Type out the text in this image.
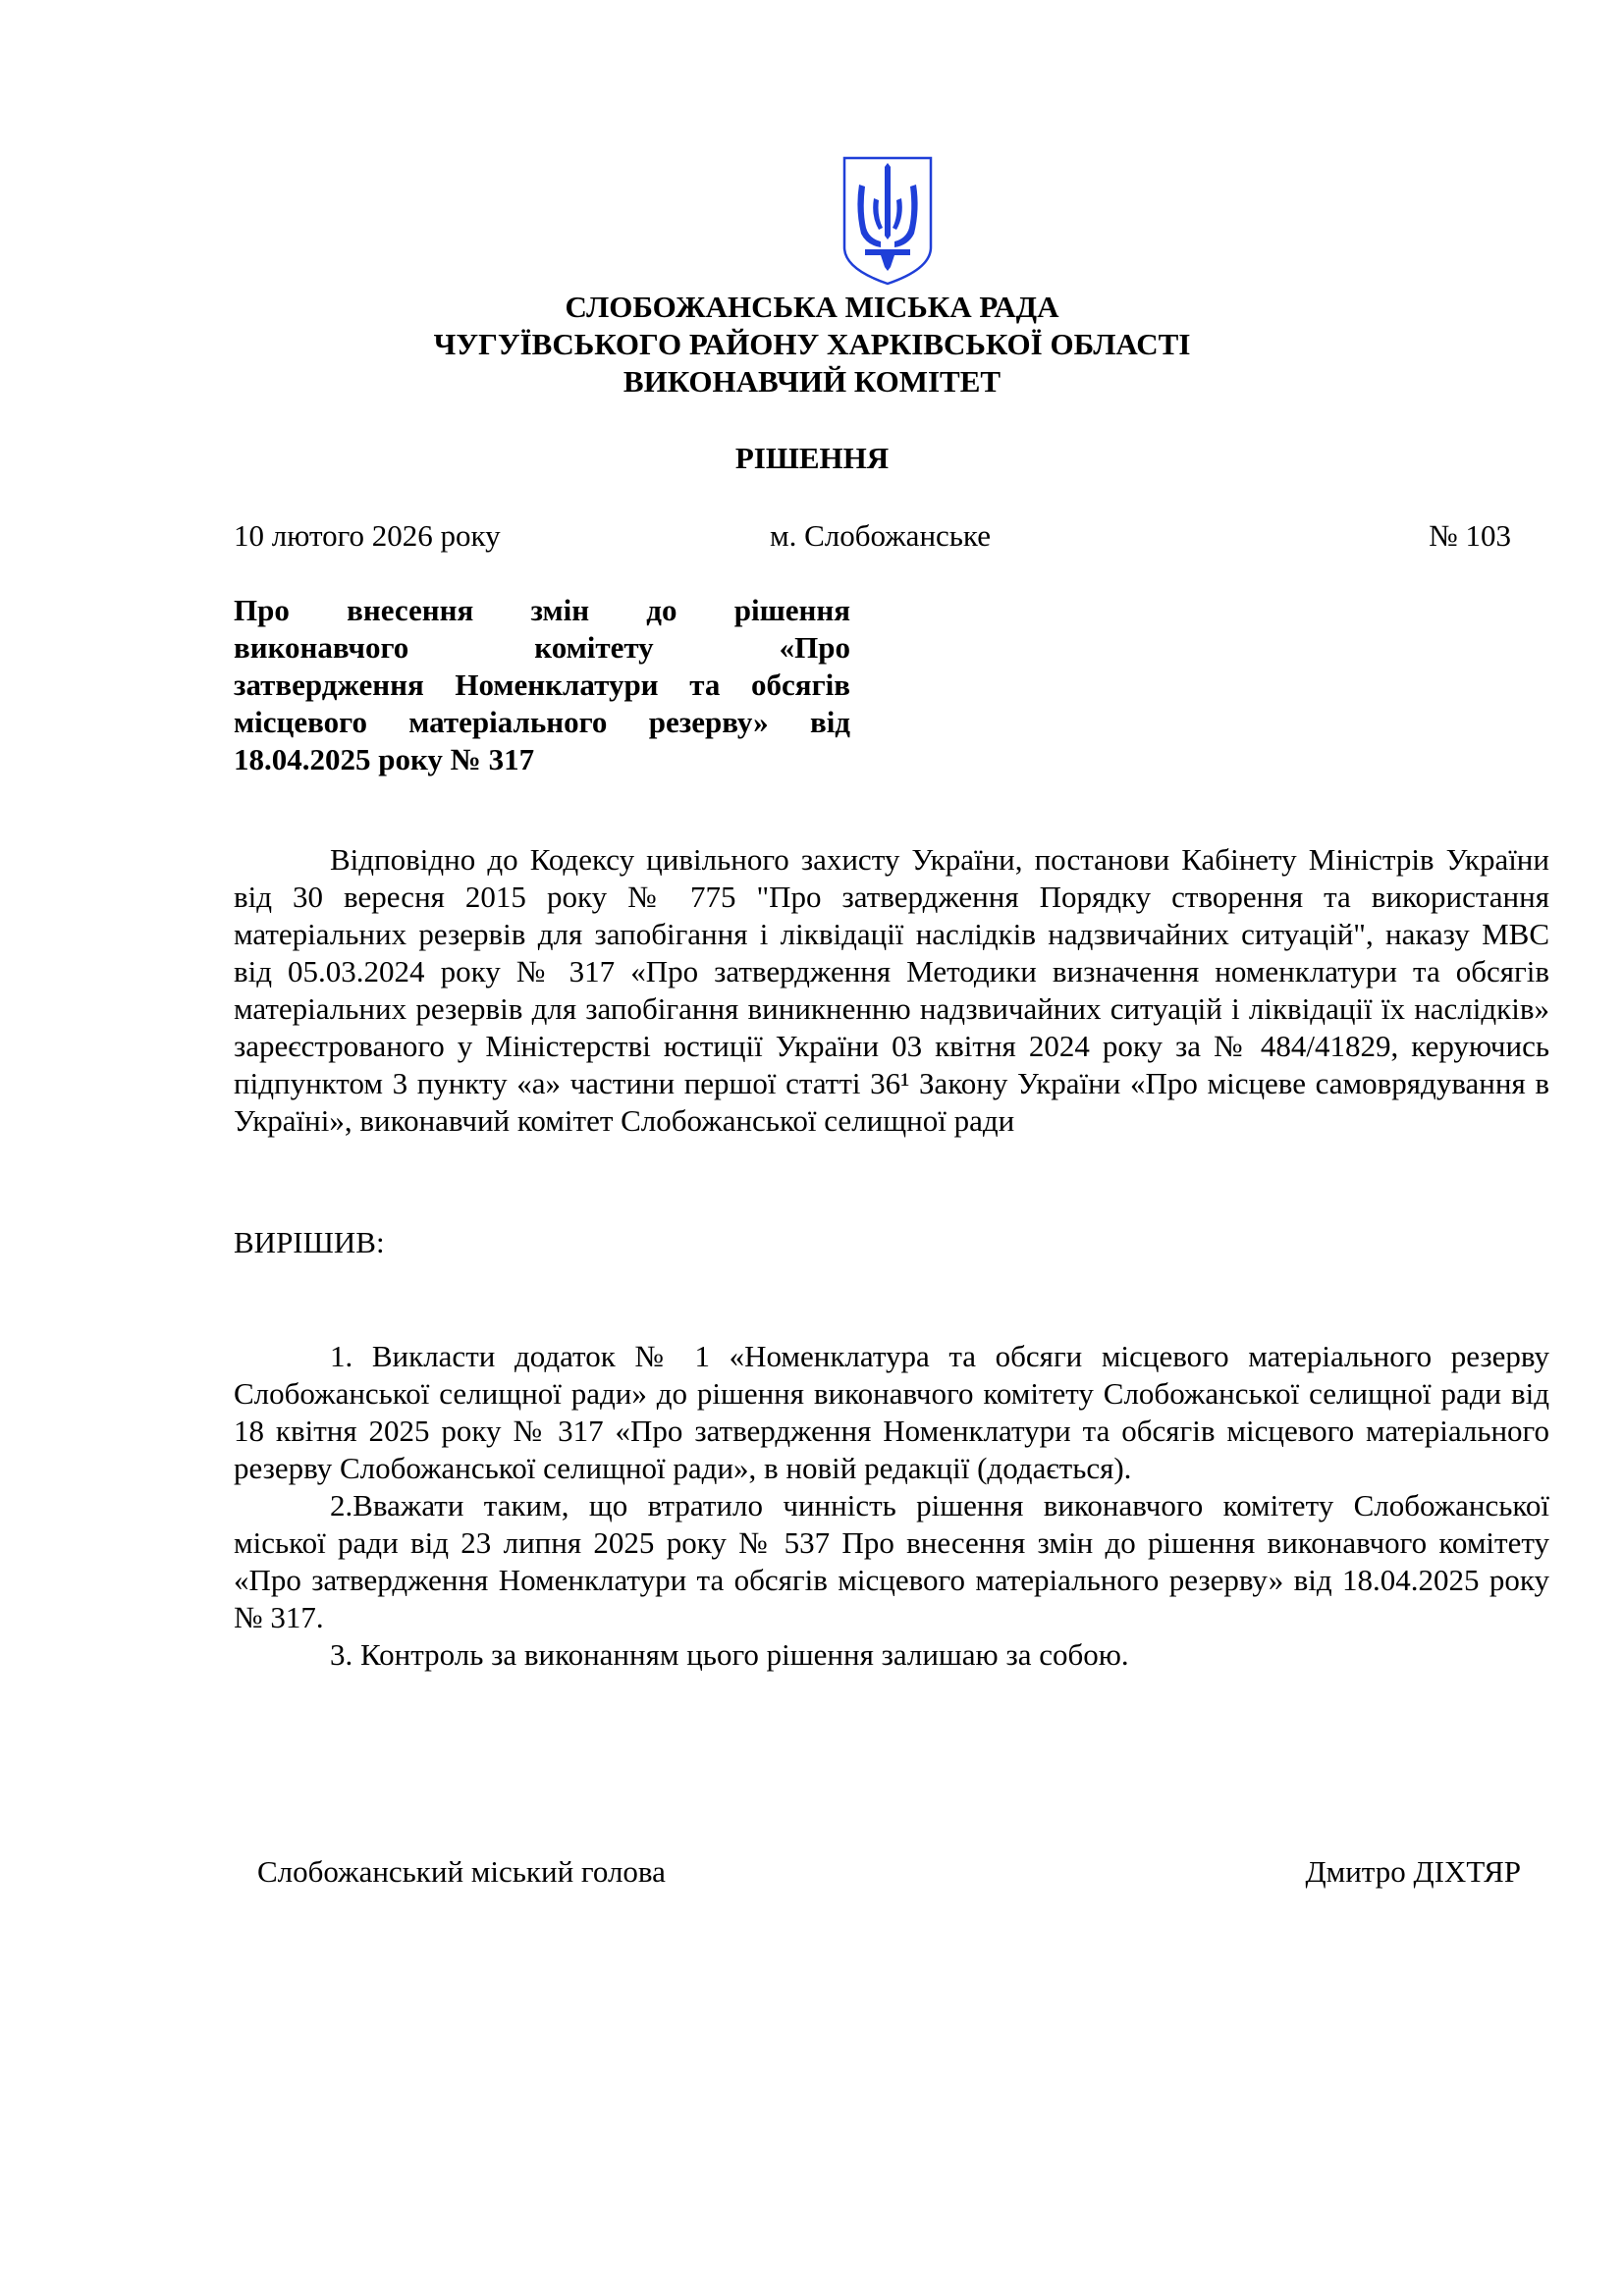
СЛОБОЖАНСЬКА МІСЬКА РАДА
ЧУГУЇВСЬКОГО РАЙОНУ ХАРКІВСЬКОЇ ОБЛАСТІ
ВИКОНАВЧИЙ КОМІТЕТ
РІШЕННЯ
10 лютого 2026 року	м. Слобожанське	№ 103
Про внесення змін до рішення
виконавчого комітету «Про
затвердження Номенклатури та обсягів
місцевого матеріального резерву» від
18.04.2025 року № 317

Відповідно до Кодексу цивільного захисту України, постанови Кабінету Міністрів України від 30 вересня 2015 року № 775 "Про затвердження Порядку створення та використання матеріальних резервів для запобігання і ліквідації наслідків надзвичайних ситуацій", наказу МВС від 05.03.2024 року № 317 «Про затвердження Методики визначення номенклатури та обсягів матеріальних резервів для запобігання виникненню надзвичайних ситуацій і ліквідації їх наслідків» зареєстрованого у Міністерстві юстиції України 03 квітня 2024 року за № 484/41829, керуючись підпунктом 3 пункту «а» частини першої статті 36¹ Закону України «Про місцеве самоврядування в Україні», виконавчий комітет Слобожанської селищної ради

ВИРІШИВ:

1. Викласти додаток № 1 «Номенклатура та обсяги місцевого матеріального резерву Слобожанської селищної ради» до рішення виконавчого комітету Слобожанської селищної ради від 18 квітня 2025 року № 317 «Про затвердження Номенклатури та обсягів місцевого матеріального резерву Слобожанської селищної ради», в новій редакції (додається).

2.Вважати таким, що втратило чинність рішення виконавчого комітету Слобожанської міської ради від 23 липня 2025 року № 537 Про внесення змін до рішення виконавчого комітету «Про затвердження Номенклатури та обсягів місцевого матеріального резерву» від 18.04.2025 року № 317.

3. Контроль за виконанням цього рішення залишаю за собою.

Слобожанський міський голова	Дмитро ДІХТЯР
